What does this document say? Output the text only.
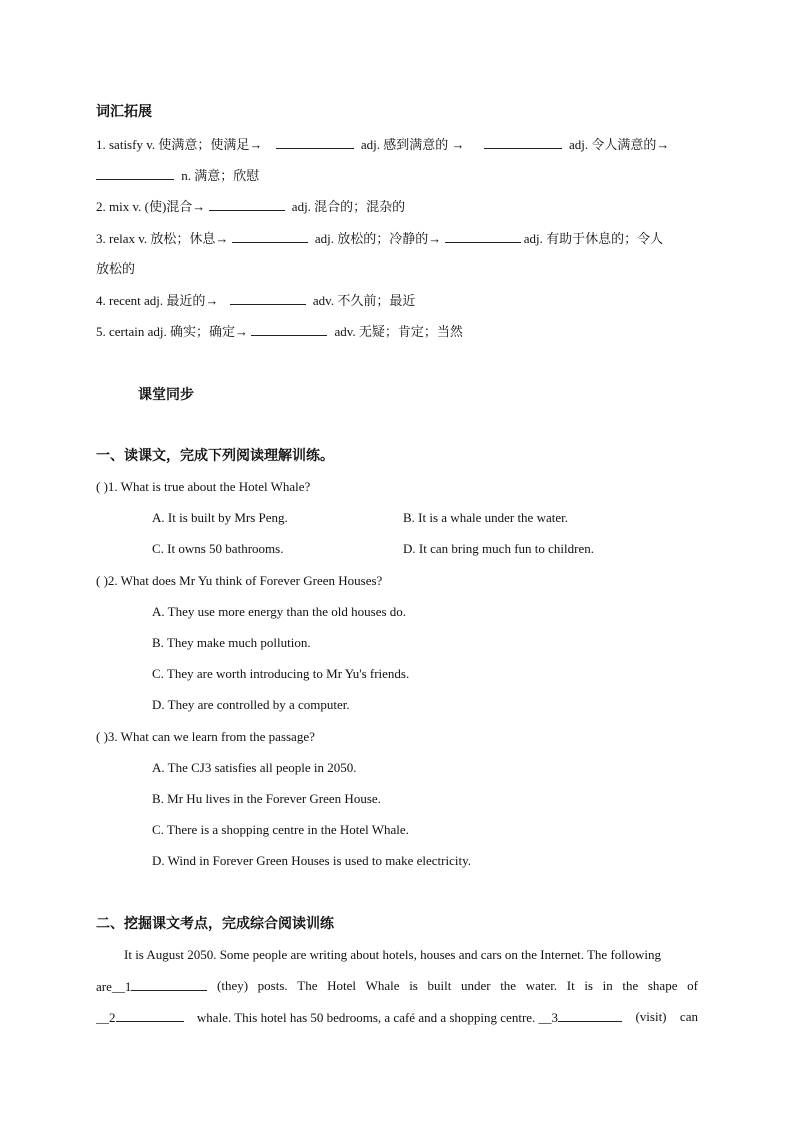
词汇拓展
1. satisfy v. 使满意；使满足→	adj. 感到满意的 →	adj. 令人满意的→
n. 满意；欣慰
2. mix v. (使)混合→	adj. 混合的；混杂的
3. relax v. 放松；休息→	adj. 放松的；冷静的→	adj. 有助于休息的；令人
放松的
4. recent adj. 最近的→	adv. 不久前；最近
5. certain adj. 确实；确定→	adv. 无疑；肯定；当然
课堂同步
一、读课文，完成下列阅读理解训练。
( )1. What is true about the Hotel Whale?
A. It is built by Mrs Peng.	B. It is a whale under the water.
C. It owns 50 bathrooms.	D. It can bring much fun to children.
( )2. What does Mr Yu think of Forever Green Houses?
A. They use more energy than the old houses do.
B. They make much pollution.
C. They are worth introducing to Mr Yu's friends.
D. They are controlled by a computer.
( )3. What can we learn from the passage?
A. The CJ3 satisfies all people in 2050.
B. Mr Hu lives in the Forever Green House.
C. There is a shopping centre in the Hotel Whale.
D. Wind in Forever Green Houses is used to make electricity.
二、挖掘课文考点，完成综合阅读训练
It is August 2050. Some people are writing about hotels, houses and cars on the Internet. The following
are__1	(they) posts. The Hotel Whale is built under the water. It is in the shape of
__2	whale. This hotel has 50 bedrooms, a café and a shopping centre. __3	(visit) can
